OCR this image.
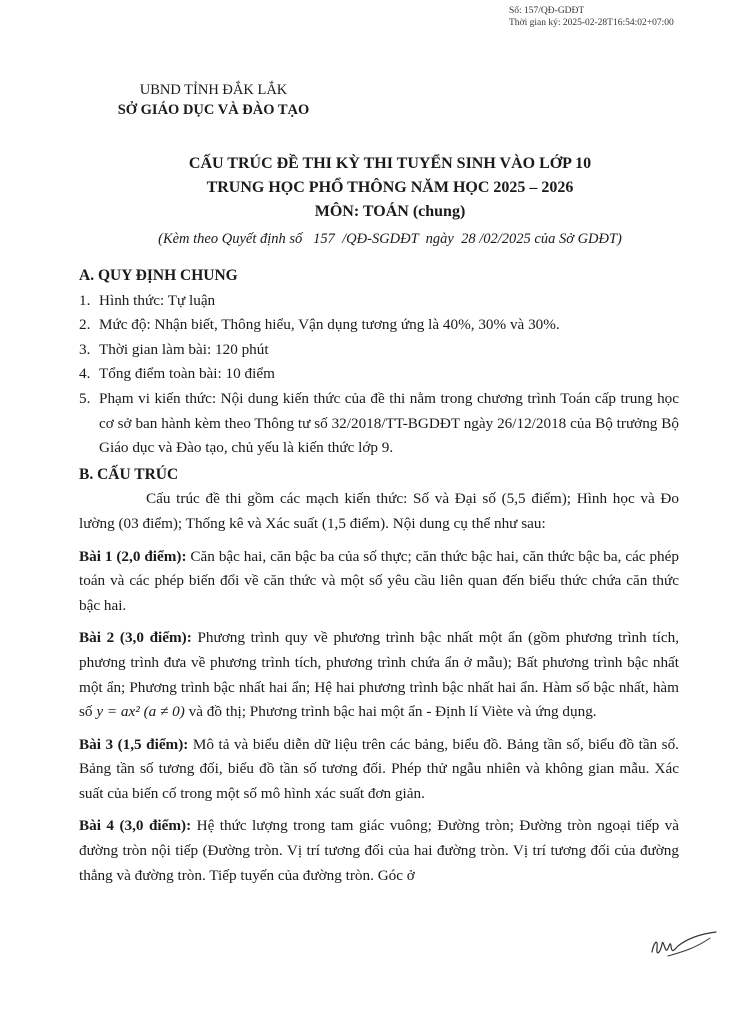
Số: 157/QĐ-GDĐT
Thời gian ký: 2025-02-28T16:54:02+07:00
UBND TỈNH ĐẮK LẮK
SỞ GIÁO DỤC VÀ ĐÀO TẠO
CẤU TRÚC ĐỀ THI KỲ THI TUYỂN SINH VÀO LỚP 10
TRUNG HỌC PHỔ THÔNG NĂM HỌC 2025 – 2026
MÔN: TOÁN (chung)
(Kèm theo Quyết định số   157  /QĐ-SGDĐT  ngày  28 /02/2025 của Sở GDĐT)
A. QUY ĐỊNH CHUNG
1. Hình thức: Tự luận
2. Mức độ: Nhận biết, Thông hiểu, Vận dụng tương ứng là 40%, 30% và 30%.
3. Thời gian làm bài: 120 phút
4. Tổng điểm toàn bài: 10 điểm
5. Phạm vi kiến thức: Nội dung kiến thức của đề thi nằm trong chương trình Toán cấp trung học cơ sở ban hành kèm theo Thông tư số 32/2018/TT-BGDĐT ngày 26/12/2018 của Bộ trưởng Bộ Giáo dục và Đào tạo, chủ yếu là kiến thức lớp 9.
B. CẤU TRÚC

Cấu trúc đề thi gồm các mạch kiến thức: Số và Đại số (5,5 điểm); Hình học và Đo lường (03 điểm); Thống kê và Xác suất (1,5 điểm). Nội dung cụ thể như sau:

Bài 1 (2,0 điểm): Căn bậc hai, căn bậc ba của số thực; căn thức bậc hai, căn thức bậc ba, các phép toán và các phép biến đổi về căn thức và một số yêu cầu liên quan đến biểu thức chứa căn thức bậc hai.

Bài 2 (3,0 điểm): Phương trình quy về phương trình bậc nhất một ẩn (gồm phương trình tích, phương trình đưa về phương trình tích, phương trình chứa ẩn ở mẫu); Bất phương trình bậc nhất một ẩn; Phương trình bậc nhất hai ẩn; Hệ hai phương trình bậc nhất hai ẩn. Hàm số bậc nhất, hàm số y = ax² (a ≠ 0) và đồ thị; Phương trình bậc hai một ẩn - Định lí Viète và ứng dụng.

Bài 3 (1,5 điểm): Mô tả và biểu diễn dữ liệu trên các bảng, biểu đồ. Bảng tần số, biểu đồ tần số. Bảng tần số tương đối, biểu đồ tần số tương đối. Phép thử ngẫu nhiên và không gian mẫu. Xác suất của biến cố trong một số mô hình xác suất đơn giản.

Bài 4 (3,0 điểm): Hệ thức lượng trong tam giác vuông; Đường tròn; Đường tròn ngoại tiếp và đường tròn nội tiếp (Đường tròn. Vị trí tương đối của hai đường tròn. Vị trí tương đối của đường thẳng và đường tròn. Tiếp tuyến của đường tròn. Góc ở
